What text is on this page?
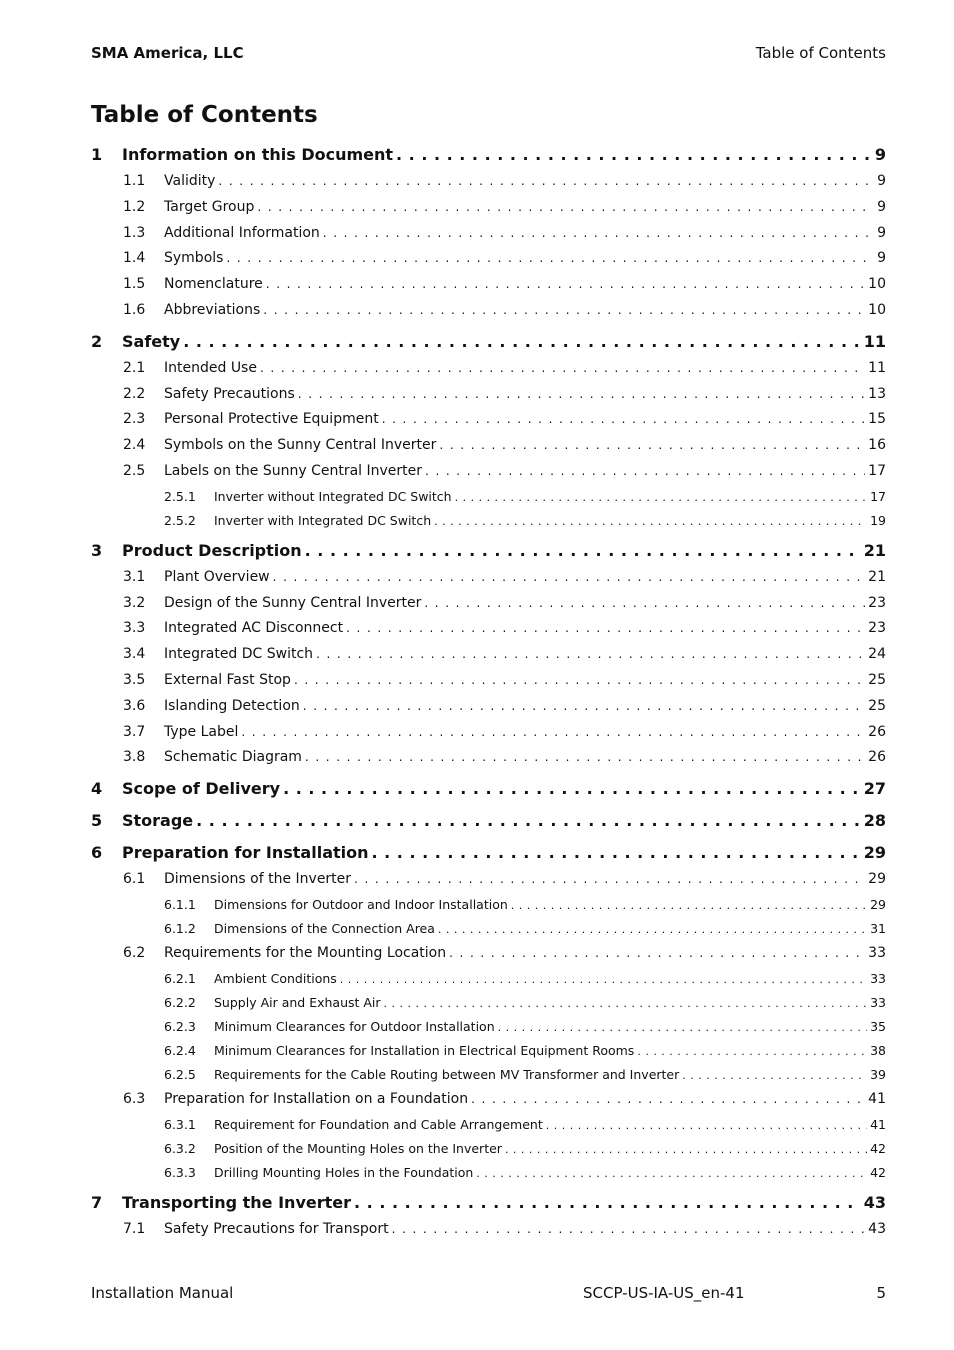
SMA America, LLC	Table of Contents
Table of Contents
1	Information on this Document . . .	9
1.1	Validity . . .	9
1.2	Target Group . . .	9
1.3	Additional Information . . .	9
1.4	Symbols . . .	9
1.5	Nomenclature . . .	10
1.6	Abbreviations . . .	10
2	Safety . . .	11
2.1	Intended Use . . .	11
2.2	Safety Precautions . . .	13
2.3	Personal Protective Equipment . . .	15
2.4	Symbols on the Sunny Central Inverter . . .	16
2.5	Labels on the Sunny Central Inverter . . .	17
2.5.1	Inverter without Integrated DC Switch . . .	17
2.5.2	Inverter with Integrated DC Switch . . .	19
3	Product Description . . .	21
3.1	Plant Overview . . .	21
3.2	Design of the Sunny Central Inverter . . .	23
3.3	Integrated AC Disconnect . . .	23
3.4	Integrated DC Switch . . .	24
3.5	External Fast Stop . . .	25
3.6	Islanding Detection . . .	25
3.7	Type Label . . .	26
3.8	Schematic Diagram . . .	26
4	Scope of Delivery . . .	27
5	Storage . . .	28
6	Preparation for Installation . . .	29
6.1	Dimensions of the Inverter . . .	29
6.1.1	Dimensions for Outdoor and Indoor Installation . . .	29
6.1.2	Dimensions of the Connection Area . . .	31
6.2	Requirements for the Mounting Location . . .	33
6.2.1	Ambient Conditions . . .	33
6.2.2	Supply Air and Exhaust Air . . .	33
6.2.3	Minimum Clearances for Outdoor Installation . . .	35
6.2.4	Minimum Clearances for Installation in Electrical Equipment Rooms . . .	38
6.2.5	Requirements for the Cable Routing between MV Transformer and Inverter . . .	39
6.3	Preparation for Installation on a Foundation . . .	41
6.3.1	Requirement for Foundation and Cable Arrangement . . .	41
6.3.2	Position of the Mounting Holes on the Inverter . . .	42
6.3.3	Drilling Mounting Holes in the Foundation . . .	42
7	Transporting the Inverter . . .	43
7.1	Safety Precautions for Transport . . .	43
Installation Manual	SCCP-US-IA-US_en-41	5
